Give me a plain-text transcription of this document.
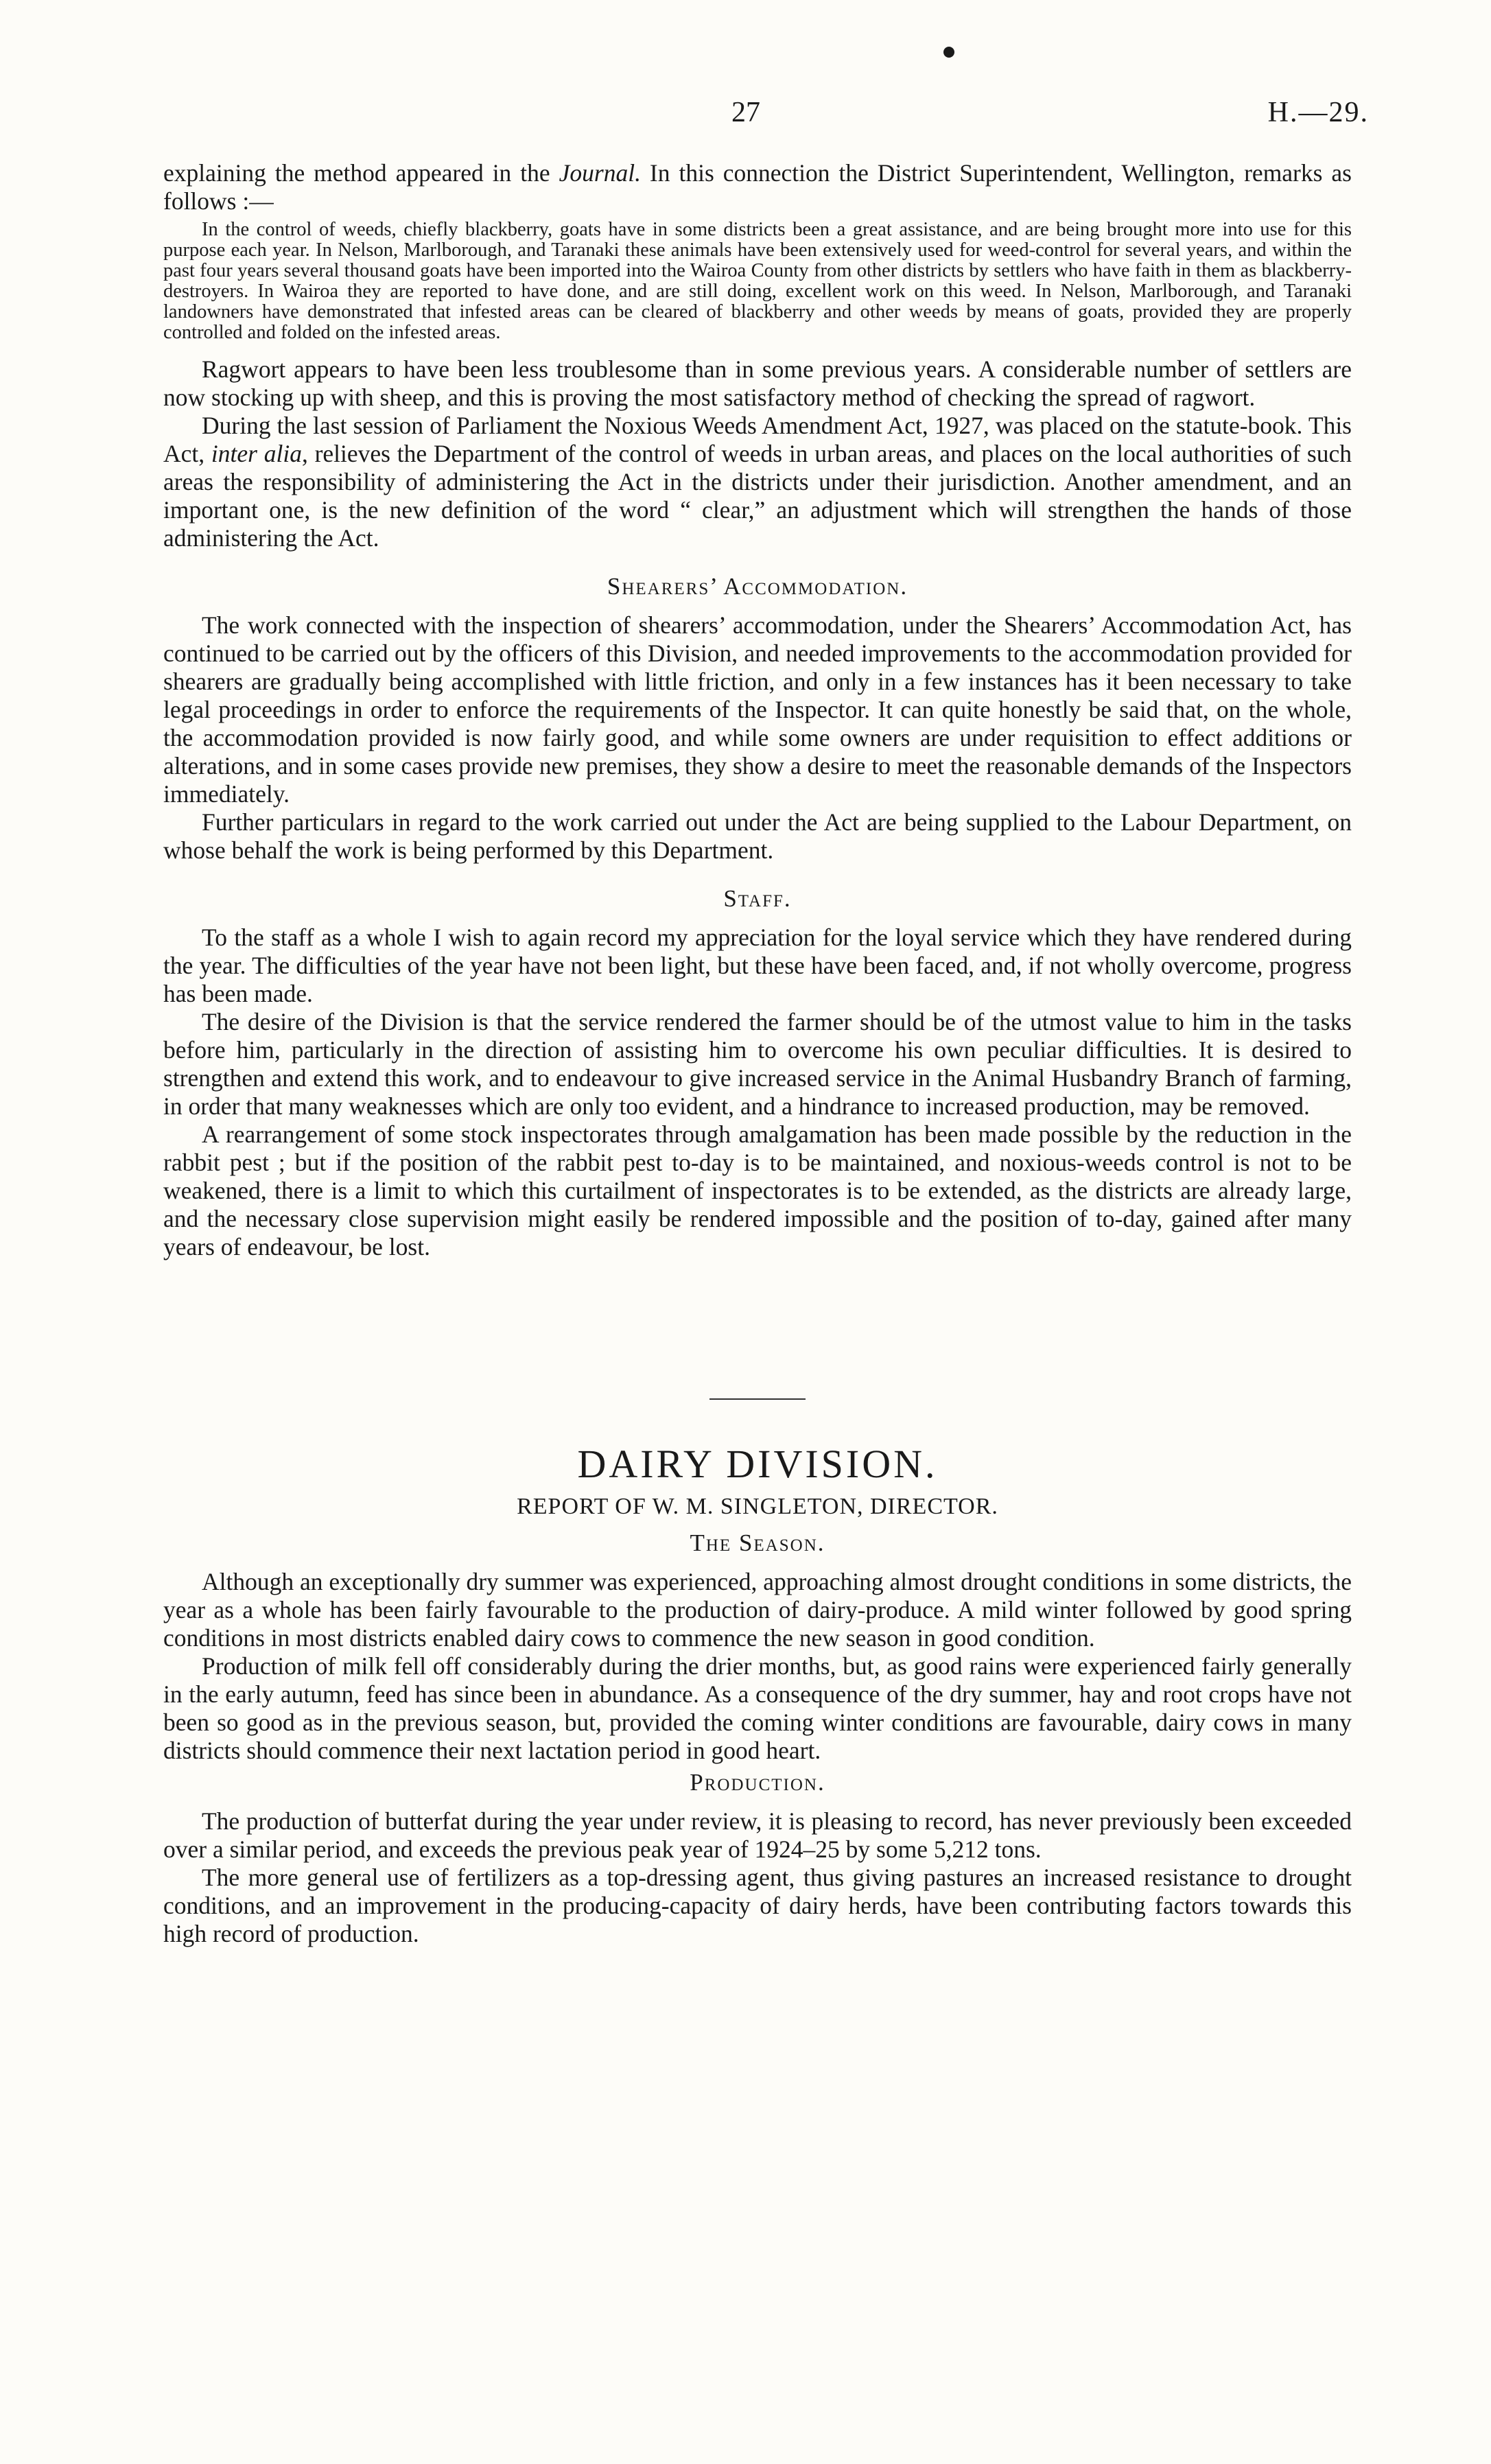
27	H.—29.

explaining the method appeared in the Journal. In this connection the District Superintendent, Wellington, remarks as follows :—

In the control of weeds, chiefly blackberry, goats have in some districts been a great assistance, and are being brought more into use for this purpose each year. In Nelson, Marlborough, and Taranaki these animals have been extensively used for weed-control for several years, and within the past four years several thousand goats have been imported into the Wairoa County from other districts by settlers who have faith in them as blackberry-destroyers. In Wairoa they are reported to have done, and are still doing, excellent work on this weed. In Nelson, Marlborough, and Taranaki landowners have demonstrated that infested areas can be cleared of blackberry and other weeds by means of goats, provided they are properly controlled and folded on the infested areas.

Ragwort appears to have been less troublesome than in some previous years. A considerable number of settlers are now stocking up with sheep, and this is proving the most satisfactory method of checking the spread of ragwort.

During the last session of Parliament the Noxious Weeds Amendment Act, 1927, was placed on the statute-book. This Act, inter alia, relieves the Department of the control of weeds in urban areas, and places on the local authorities of such areas the responsibility of administering the Act in the districts under their jurisdiction. Another amendment, and an important one, is the new definition of the word “ clear,” an adjustment which will strengthen the hands of those administering the Act.

Shearers’ Accommodation.

The work connected with the inspection of shearers’ accommodation, under the Shearers’ Accommodation Act, has continued to be carried out by the officers of this Division, and needed improvements to the accommodation provided for shearers are gradually being accomplished with little friction, and only in a few instances has it been necessary to take legal proceedings in order to enforce the requirements of the Inspector. It can quite honestly be said that, on the whole, the accommodation provided is now fairly good, and while some owners are under requisition to effect additions or alterations, and in some cases provide new premises, they show a desire to meet the reasonable demands of the Inspectors immediately.

Further particulars in regard to the work carried out under the Act are being supplied to the Labour Department, on whose behalf the work is being performed by this Department.

Staff.

To the staff as a whole I wish to again record my appreciation for the loyal service which they have rendered during the year. The difficulties of the year have not been light, but these have been faced, and, if not wholly overcome, progress has been made.

The desire of the Division is that the service rendered the farmer should be of the utmost value to him in the tasks before him, particularly in the direction of assisting him to overcome his own peculiar difficulties. It is desired to strengthen and extend this work, and to endeavour to give increased service in the Animal Husbandry Branch of farming, in order that many weaknesses which are only too evident, and a hindrance to increased production, may be removed.

A rearrangement of some stock inspectorates through amalgamation has been made possible by the reduction in the rabbit pest ; but if the position of the rabbit pest to-day is to be maintained, and noxious-weeds control is not to be weakened, there is a limit to which this curtailment of inspectorates is to be extended, as the districts are already large, and the necessary close supervision might easily be rendered impossible and the position of to-day, gained after many years of endeavour, be lost.

DAIRY DIVISION.
REPORT OF W. M. SINGLETON, DIRECTOR.
The Season.

Although an exceptionally dry summer was experienced, approaching almost drought conditions in some districts, the year as a whole has been fairly favourable to the production of dairy-produce. A mild winter followed by good spring conditions in most districts enabled dairy cows to commence the new season in good condition.

Production of milk fell off considerably during the drier months, but, as good rains were experienced fairly generally in the early autumn, feed has since been in abundance. As a consequence of the dry summer, hay and root crops have not been so good as in the previous season, but, provided the coming winter conditions are favourable, dairy cows in many districts should commence their next lactation period in good heart.

Production.

The production of butterfat during the year under review, it is pleasing to record, has never previously been exceeded over a similar period, and exceeds the previous peak year of 1924–25 by some 5,212 tons.

The more general use of fertilizers as a top-dressing agent, thus giving pastures an increased resistance to drought conditions, and an improvement in the producing-capacity of dairy herds, have been contributing factors towards this high record of production.
